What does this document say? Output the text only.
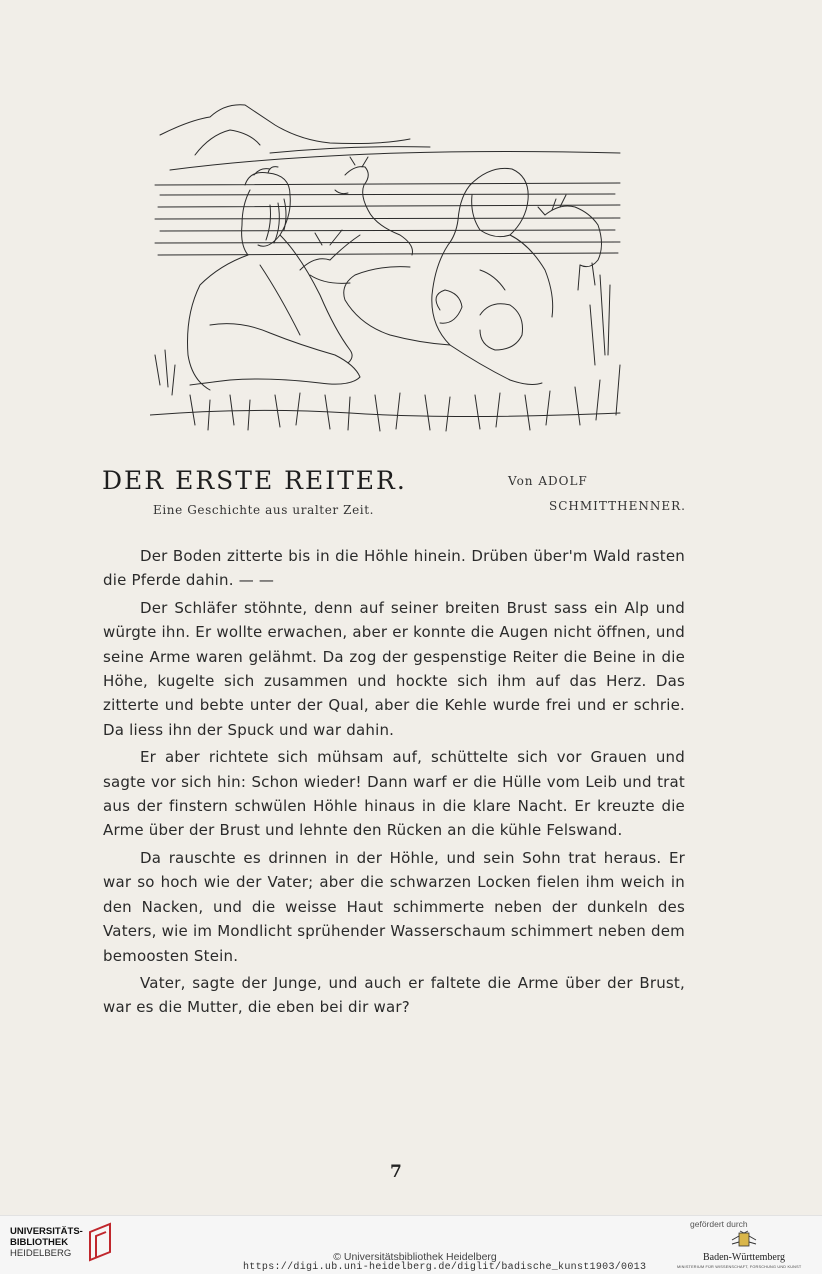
DER ERSTE REITER.
Eine Geschichte aus uralter Zeit.
Von ADOLF
SCHMITTHENNER.

Der Boden zitterte bis in die Höhle hinein. Drüben über'm Wald rasten die Pferde dahin. — —

Der Schläfer stöhnte, denn auf seiner breiten Brust sass ein Alp und würgte ihn. Er wollte erwachen, aber er konnte die Augen nicht öffnen, und seine Arme waren gelähmt. Da zog der gespenstige Reiter die Beine in die Höhe, kugelte sich zusammen und hockte sich ihm auf das Herz. Das zitterte und bebte unter der Qual, aber die Kehle wurde frei und er schrie. Da liess ihn der Spuck und war dahin.

Er aber richtete sich mühsam auf, schüttelte sich vor Grauen und sagte vor sich hin: Schon wieder! Dann warf er die Hülle vom Leib und trat aus der finstern schwülen Höhle hinaus in die klare Nacht. Er kreuzte die Arme über der Brust und lehnte den Rücken an die kühle Felswand.

Da rauschte es drinnen in der Höhle, und sein Sohn trat heraus. Er war so hoch wie der Vater; aber die schwarzen Locken fielen ihm weich in den Nacken, und die weisse Haut schimmerte neben der dunkeln des Vaters, wie im Mondlicht sprühender Wasserschaum schimmert neben dem bemoosten Stein.

Vater, sagte der Junge, und auch er faltete die Arme über der Brust, war es die Mutter, die eben bei dir war?

7
UNIVERSITÄTS-
BIBLIOTHEK
HEIDELBERG	© Universitätsbibliothek Heidelberg
https://digi.ub.uni-heidelberg.de/diglit/badische_kunst1903/0013
gefördert durch
Baden-Württemberg
MINISTERIUM FÜR WISSENSCHAFT, FORSCHUNG UND KUNST
